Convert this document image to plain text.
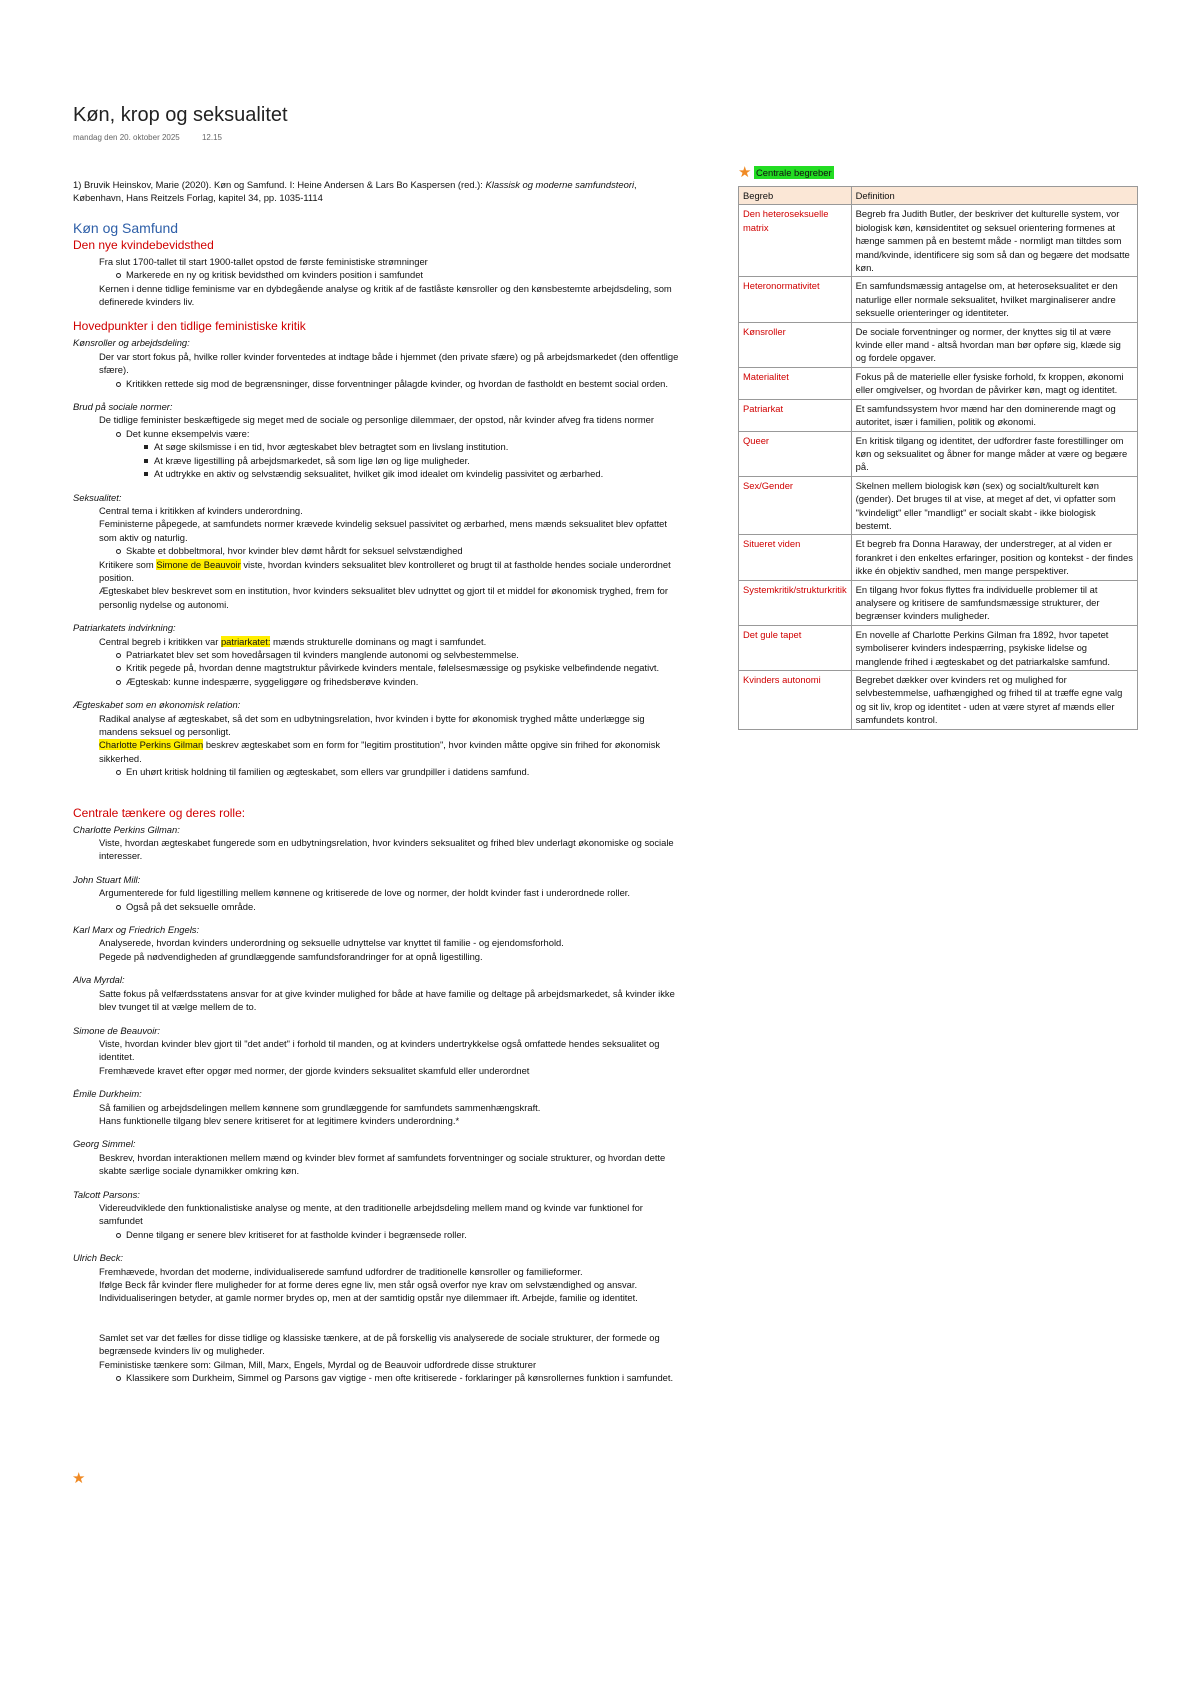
Køn, krop og seksualitet
mandag den 20. oktober 2025	12.15
1) Bruvik Heinskov, Marie (2020). Køn og Samfund. I: Heine Andersen & Lars Bo Kaspersen (red.): Klassisk og moderne samfundsteori, København, Hans Reitzels Forlag, kapitel 34, pp. 1035-1114
Køn og Samfund
Den nye kvindebevidsthed
Fra slut 1700-tallet til start 1900-tallet opstod de første feministiske strømninger
Markerede en ny og kritisk bevidsthed om kvinders position i samfundet
Kernen i denne tidlige feminisme var en dybdegående analyse og kritik af de fastlåste kønsroller og den kønsbestemte arbejdsdeling, som definerede kvinders liv.
Hovedpunkter i den tidlige feministiske kritik
Kønsroller og arbejdsdeling:
Der var stort fokus på, hvilke roller kvinder forventedes at indtage både i hjemmet (den private sfære) og på arbejdsmarkedet (den offentlige sfære).
Kritikken rettede sig mod de begrænsninger, disse forventninger pålagde kvinder, og hvordan de fastholdt en bestemt social orden.
Brud på sociale normer:
De tidlige feminister beskæftigede sig meget med de sociale og personlige dilemmaer, der opstod, når kvinder afveg fra tidens normer
Det kunne eksempelvis være:
At søge skilsmisse i en tid, hvor ægteskabet blev betragtet som en livslang institution.
At kræve ligestilling på arbejdsmarkedet, så som lige løn og lige muligheder.
At udtrykke en aktiv og selvstændig seksualitet, hvilket gik imod idealet om kvindelig passivitet og ærbarhed.
Seksualitet:
Central tema i kritikken af kvinders underordning.
Feministerne påpegede, at samfundets normer krævede kvindelig seksuel passivitet og ærbarhed, mens mænds seksualitet blev opfattet som aktiv og naturlig.
Skabte et dobbeltmoral, hvor kvinder blev dømt hårdt for seksuel selvstændighed
Kritikere som Simone de Beauvoir viste, hvordan kvinders seksualitet blev kontrolleret og brugt til at fastholde hendes sociale underordnet position.
Ægteskabet blev beskrevet som en institution, hvor kvinders seksualitet blev udnyttet og gjort til et middel for økonomisk tryghed, frem for personlig nydelse og autonomi.
Patriarkatets indvirkning:
Central begreb i kritikken var patriarkatet: mænds strukturelle dominans og magt i samfundet.
Patriarkatet blev set som hovedårsagen til kvinders manglende autonomi og selvbestemmelse.
Kritik pegede på, hvordan denne magtstruktur påvirkede kvinders mentale, følelsesmæssige og psykiske velbefindende negativt.
Ægteskab: kunne indespærre, syggeliggøre og frihedsberøve kvinden.
Ægteskabet som en økonomisk relation:
Radikal analyse af ægteskabet, så det som en udbytningsrelation, hvor kvinden i bytte for økonomisk tryghed måtte underlægge sig mandens seksuel og personligt.
Charlotte Perkins Gilman beskrev ægteskabet som en form for "legitim prostitution", hvor kvinden måtte opgive sin frihed for økonomisk sikkerhed.
En uhørt kritisk holdning til familien og ægteskabet, som ellers var grundpiller i datidens samfund.
Centrale tænkere og deres rolle:
Charlotte Perkins Gilman:
Viste, hvordan ægteskabet fungerede som en udbytningsrelation, hvor kvinders seksualitet og frihed blev underlagt økonomiske og sociale interesser.
John Stuart Mill:
Argumenterede for fuld ligestilling mellem kønnene og kritiserede de love og normer, der holdt kvinder fast i underordnede roller.
Også på det seksuelle område.
Karl Marx og Friedrich Engels:
Analyserede, hvordan kvinders underordning og seksuelle udnyttelse var knyttet til familie - og ejendomsforhold.
Pegede på nødvendigheden af grundlæggende samfundsforandringer for at opnå ligestilling.
Alva Myrdal:
Satte fokus på velfærdsstatens ansvar for at give kvinder mulighed for både at have familie og deltage på arbejdsmarkedet, så kvinder ikke blev tvunget til at vælge mellem de to.
Simone de Beauvoir:
Viste, hvordan kvinder blev gjort til "det andet" i forhold til manden, og at kvinders undertrykkelse også omfattede hendes seksualitet og identitet.
Fremhævede kravet efter opgør med normer, der gjorde kvinders seksualitet skamfuld eller underordnet
Émile Durkheim:
Så familien og arbejdsdelingen mellem kønnene som grundlæggende for samfundets sammenhængskraft.
Hans funktionelle tilgang blev senere kritiseret for at legitimere kvinders underordning.*
Georg Simmel:
Beskrev, hvordan interaktionen mellem mænd og kvinder blev formet af samfundets forventninger og sociale strukturer, og hvordan dette skabte særlige sociale dynamikker omkring køn.
Talcott Parsons:
Videreudviklede den funktionalistiske analyse og mente, at den traditionelle arbejdsdeling mellem mand og kvinde var funktionel for samfundet
Denne tilgang er senere blev kritiseret for at fastholde kvinder i begrænsede roller.
Ulrich Beck:
Fremhævede, hvordan det moderne, individualiserede samfund udfordrer de traditionelle kønsroller og familieformer.
Ifølge Beck får kvinder flere muligheder for at forme deres egne liv, men står også overfor nye krav om selvstændighed og ansvar.
Individualiseringen betyder, at gamle normer brydes op, men at der samtidig opstår nye dilemmaer ift. Arbejde, familie og identitet.
Samlet set var det fælles for disse tidlige og klassiske tænkere, at de på forskellig vis analyserede de sociale strukturer, der formede og begrænsede kvinders liv og muligheder.
Feministiske tænkere som: Gilman, Mill, Marx, Engels, Myrdal og de Beauvoir udfordrede disse strukturer
Klassikere som Durkheim, Simmel og Parsons gav vigtige - men ofte kritiserede - forklaringer på kønsrollernes funktion i samfundet.
★
★ Centrale begreber
Begreb	Definition
Den heteroseksuelle matrix	Begreb fra Judith Butler, der beskriver det kulturelle system, vor biologisk køn, kønsidentitet og seksuel orientering formenes at hænge sammen på en bestemt måde - normligt man tiltdes som mand/kvinde, identificere sig som så dan og begære det modsatte køn.
Heteronormativitet	En samfundsmæssig antagelse om, at heteroseksualitet er den naturlige eller normale seksualitet, hvilket marginaliserer andre seksuelle orienteringer og identiteter.
Kønsroller	De sociale forventninger og normer, der knyttes sig til at være kvinde eller mand - altså hvordan man bør opføre sig, klæde sig og fordele opgaver.
Materialitet	Fokus på de materielle eller fysiske forhold, fx kroppen, økonomi eller omgivelser, og hvordan de påvirker køn, magt og identitet.
Patriarkat	Et samfundssystem hvor mænd har den dominerende magt og autoritet, især i familien, politik og økonomi.
Queer	En kritisk tilgang og identitet, der udfordrer faste forestillinger om køn og seksualitet og åbner for mange måder at være og begære på.
Sex/Gender	Skelnen mellem biologisk køn (sex) og socialt/kulturelt køn (gender). Det bruges til at vise, at meget af det, vi opfatter som "kvindeligt" eller "mandligt" er socialt skabt - ikke biologisk bestemt.
Situeret viden	Et begreb fra Donna Haraway, der understreger, at al viden er forankret i den enkeltes erfaringer, position og kontekst - der findes ikke én objektiv sandhed, men mange perspektiver.
Systemkritik/strukturkritik	En tilgang hvor fokus flyttes fra individuelle problemer til at analysere og kritisere de samfundsmæssige strukturer, der begrænser kvinders muligheder.
Det gule tapet	En novelle af Charlotte Perkins Gilman fra 1892, hvor tapetet symboliserer kvinders indespærring, psykiske lidelse og manglende frihed i ægteskabet og det patriarkalske samfund.
Kvinders autonomi	Begrebet dækker over kvinders ret og mulighed for selvbestemmelse, uafhængighed og frihed til at træffe egne valg og sit liv, krop og identitet - uden at være styret af mænds eller samfundets kontrol.
